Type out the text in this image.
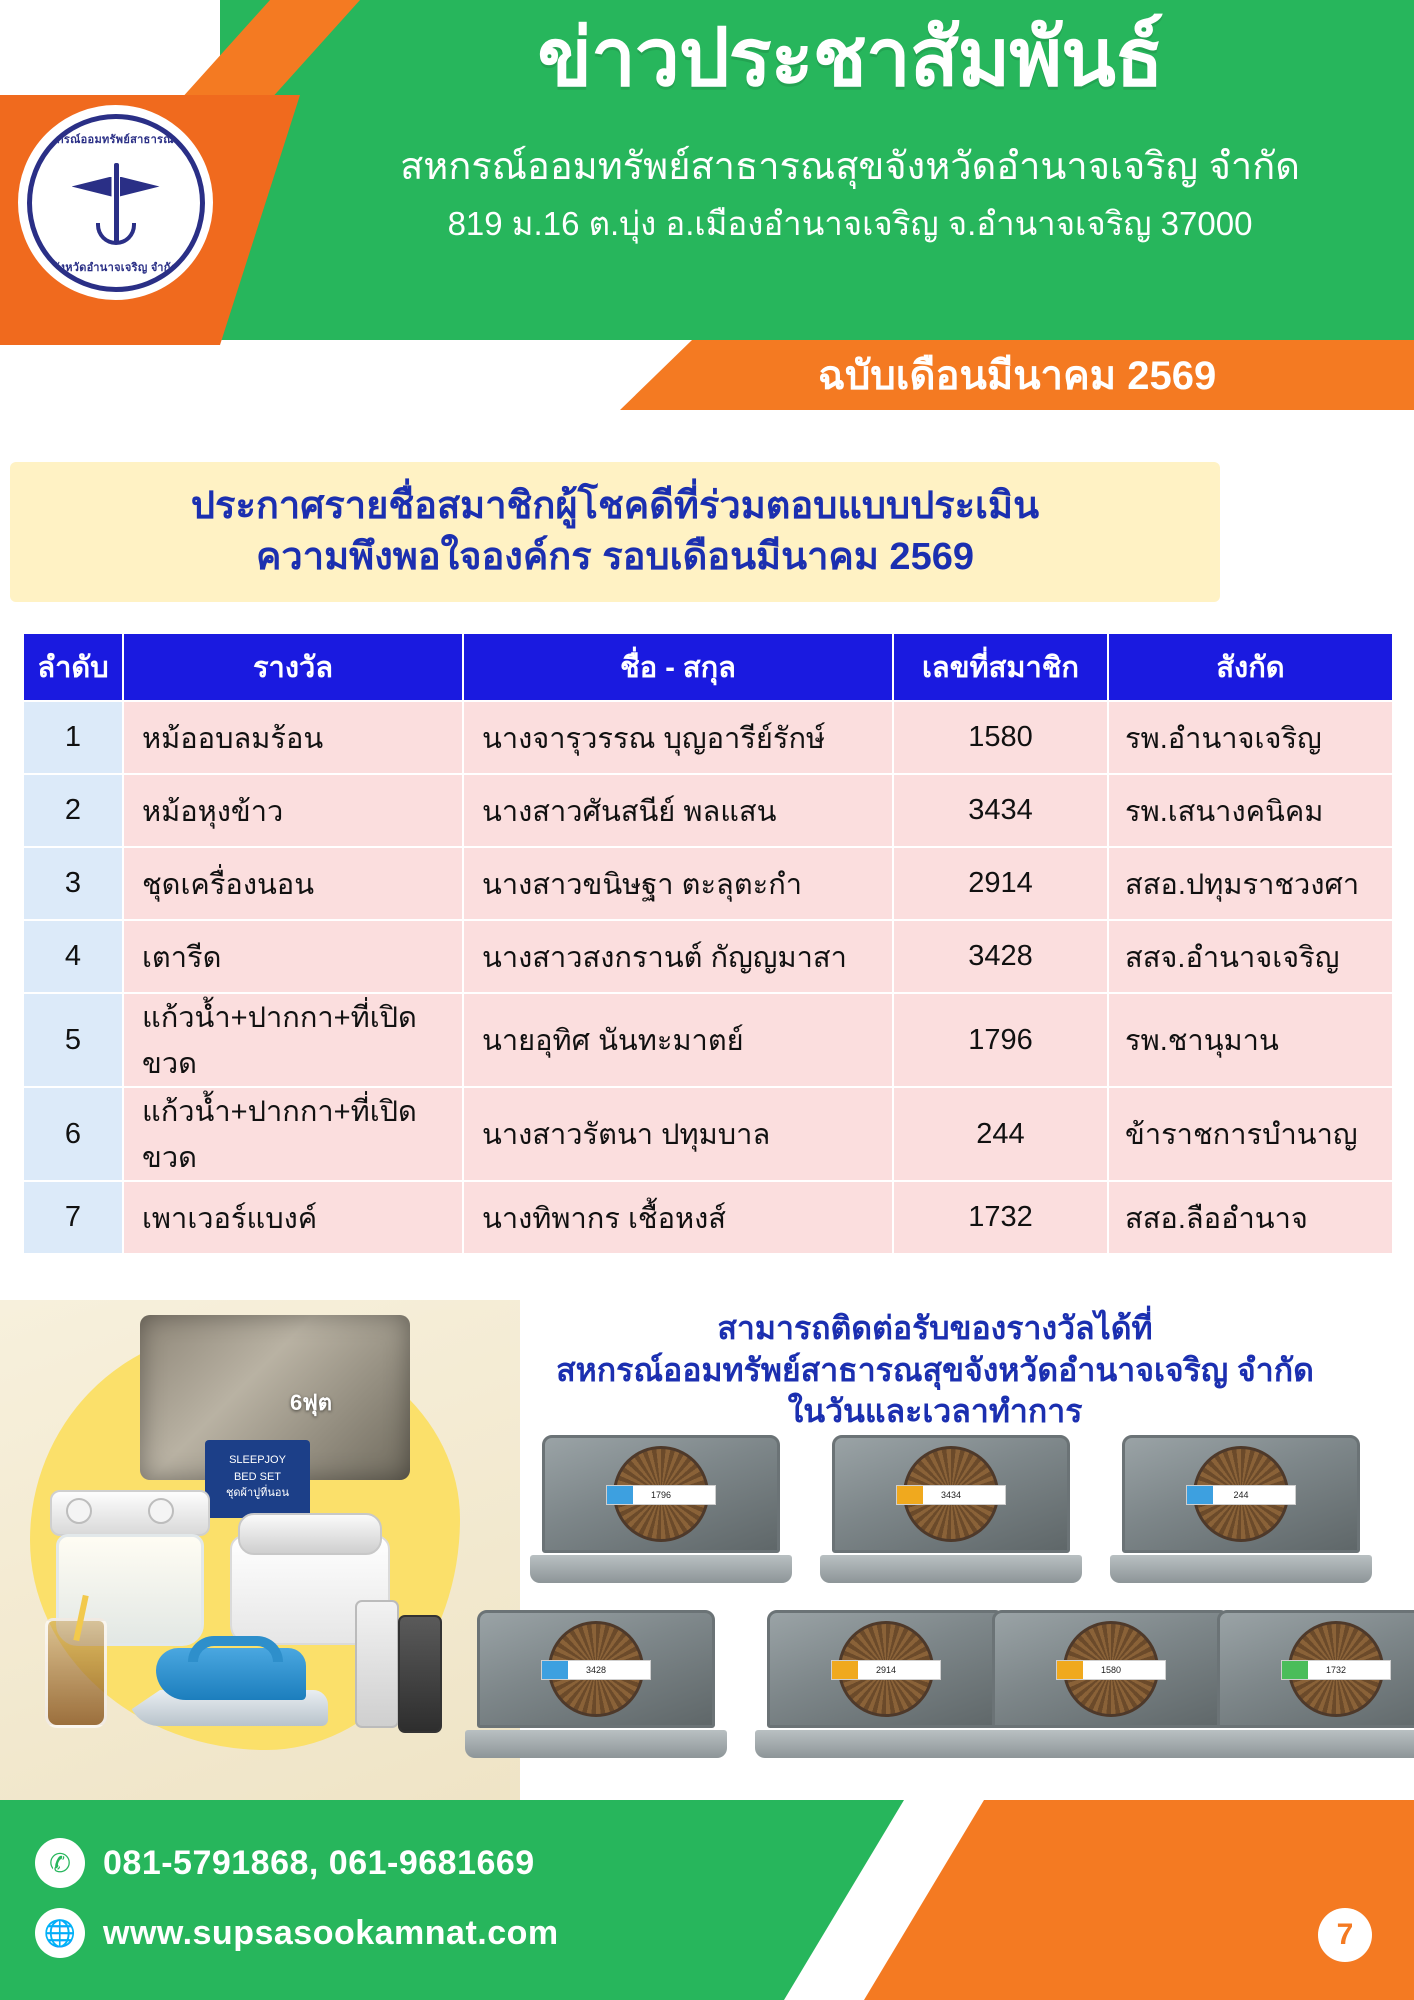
สหกรณ์ออมทรัพย์สาธารณสุข
จังหวัดอำนาจเจริญ จำกัด
ข่าวประชาสัมพันธ์
สหกรณ์ออมทรัพย์สาธารณสุขจังหวัดอำนาจเจริญ จำกัด
819 ม.16 ต.บุ่ง อ.เมืองอำนาจเจริญ จ.อำนาจเจริญ 37000
ฉบับเดือนมีนาคม 2569
ประกาศรายชื่อสมาชิกผู้โชคดีที่ร่วมตอบแบบประเมิน
ความพึงพอใจองค์กร รอบเดือนมีนาคม 2569
ลำดับ	รางวัล	ชื่อ - สกุล	เลขที่สมาชิก	สังกัด
1	หม้ออบลมร้อน	นางจารุวรรณ บุญอารีย์รักษ์	1580	รพ.อำนาจเจริญ
2	หม้อหุงข้าว	นางสาวศันสนีย์ พลแสน	3434	รพ.เสนางคนิคม
3	ชุดเครื่องนอน	นางสาวขนิษฐา ตะลุตะกำ	2914	สสอ.ปทุมราชวงศา
4	เตารีด	นางสาวสงกรานต์ กัญญมาสา	3428	สสจ.อำนาจเจริญ
5	แก้วน้ำ+ปากกา+ที่เปิดขวด	นายอุทิศ นันทะมาตย์	1796	รพ.ชานุมาน
6	แก้วน้ำ+ปากกา+ที่เปิดขวด	นางสาวรัตนา ปทุมบาล	244	ข้าราชการบำนาญ
7	เพาเวอร์แบงค์	นางทิพากร เชื้อหงส์	1732	สสอ.ลืออำนาจ
6ฟุต
SLEEPJOY
BED SET
ชุดผ้าปูที่นอน
สามารถติดต่อรับของรางวัลได้ที่
สหกรณ์ออมทรัพย์สาธารณสุขจังหวัดอำนาจเจริญ จำกัด
ในวันและเวลาทำการ
1796	3434	244
3428	2914	1580	1732
✆ 081-5791868, 061-9681669
🌐 www.supsasookamnat.com	7
